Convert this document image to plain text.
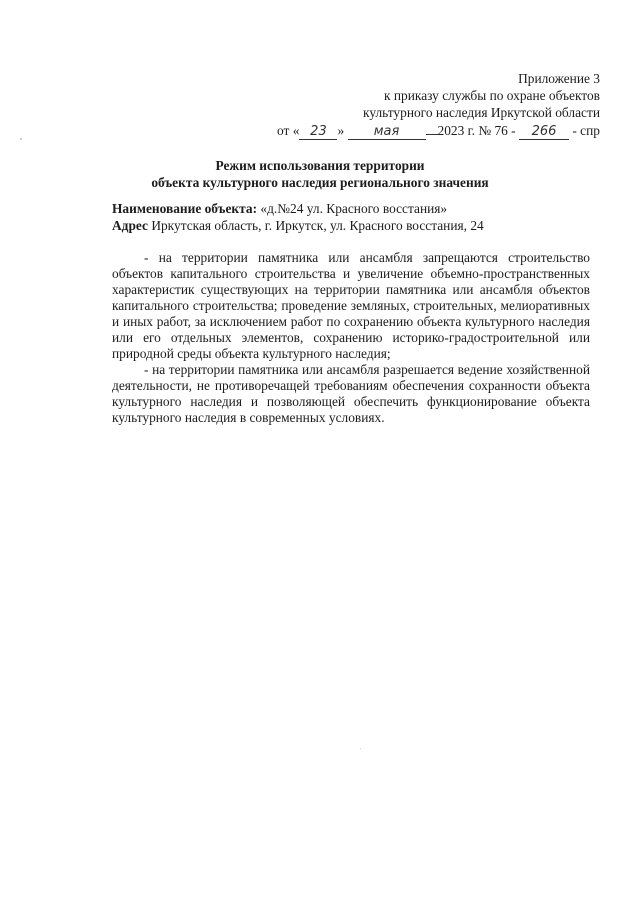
Приложение 3
к приказу службы по охране объектов
культурного наследия Иркутской области
от « 23 » мая	2023 г. № 76 - 266 - спр
Режим использования территории
объекта культурного наследия регионального значения
Наименование объекта: «д.№24 ул. Красного восстания»
Адрес Иркутская область, г. Иркутск, ул. Красного восстания, 24

- на территории памятника или ансамбля запрещаются строительство объектов капитального строительства и увеличение объемно-пространственных характеристик существующих на территории памятника или ансамбля объектов капитального строительства; проведение земляных, строительных, мелиоративных и иных работ, за исключением работ по сохранению объекта культурного наследия или его отдельных элементов, сохранению историко-градостроительной или природной среды объекта культурного наследия;

- на территории памятника или ансамбля разрешается ведение хозяйственной деятельности, не противоречащей требованиям обеспечения сохранности объекта культурного наследия и позволяющей обеспечить функционирование объекта культурного наследия в современных условиях.
